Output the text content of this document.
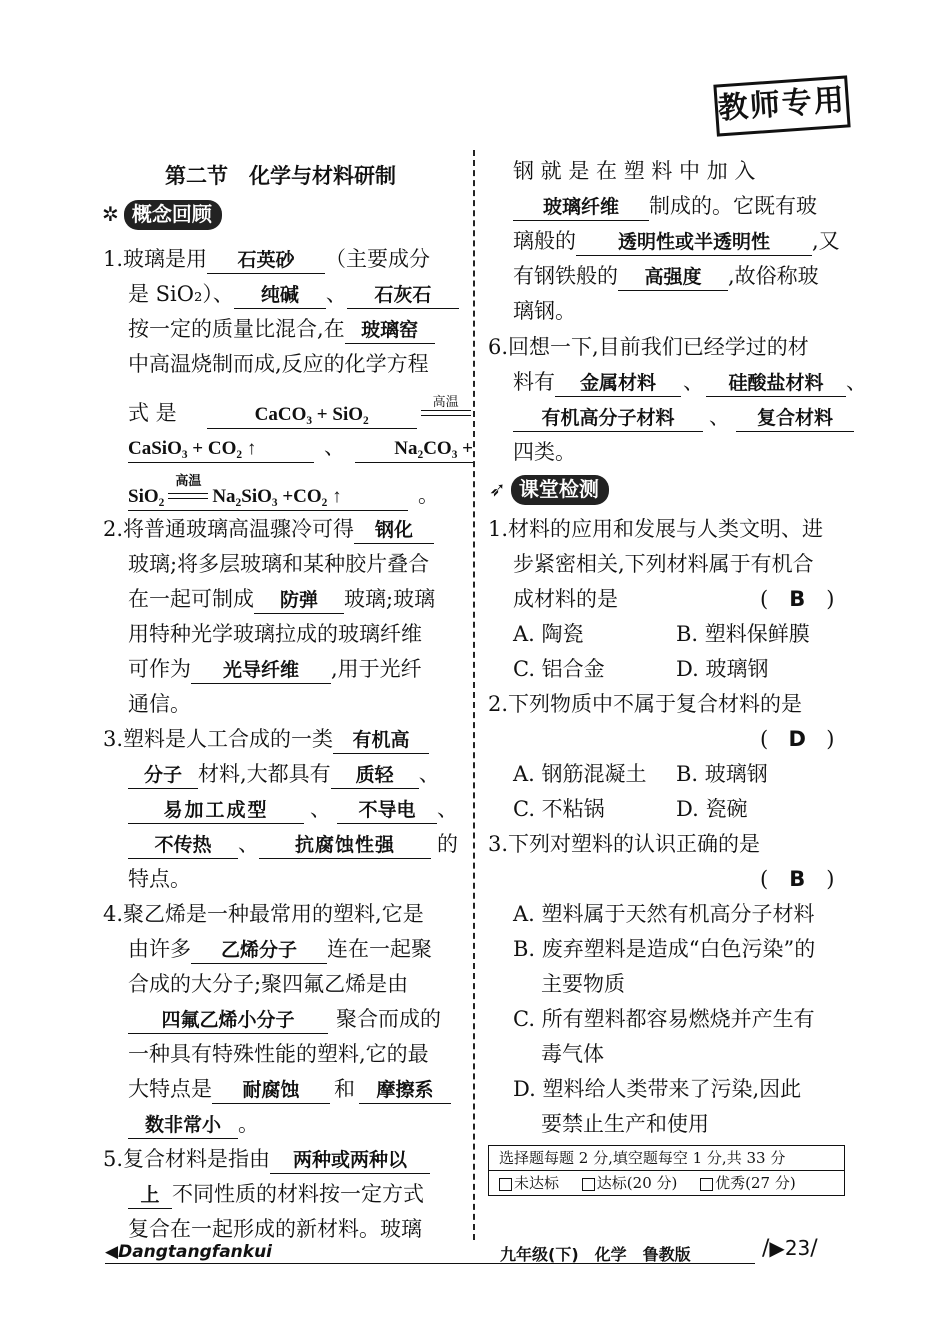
教师专用
第二节　化学与材料研制
✲ 概念回顾
1.玻璃是用 石英砂 （主要成分
是 SiO₂）、 纯碱 、 石灰石
按一定的质量比混合,在 玻璃窑
中高温烧制而成,反应的化学方程
式 是	CaCO₃ + SiO₂
高温
CaSiO₃ + CO₂ ↑	、	Na₂CO₃ +
SiO₂
高温
Na₂SiO₃ +CO₂ ↑	。
2.将普通玻璃高温骤冷可得 钢化
玻璃;将多层玻璃和某种胶片叠合
在一起可制成 防弹 玻璃;玻璃
用特种光学玻璃拉成的玻璃纤维
可作为 光导纤维 ,用于光纤
通信。
3.塑料是人工合成的一类 有机高
分子 材料,大都具有 质轻 、
易加工成型 、 不导电 、
不传热 、 抗腐蚀性强 的
特点。
4.聚乙烯是一种最常用的塑料,它是
由许多 乙烯分子 连在一起聚
合成的大分子;聚四氟乙烯是由
四氟乙烯小分子 聚合而成的
一种具有特殊性能的塑料,它的最
大特点是 耐腐蚀 和 摩擦系
数非常小 。
5.复合材料是指由 两种或两种以
上 不同性质的材料按一定方式
复合在一起形成的新材料。玻璃
钢 就 是 在 塑 料 中 加 入
玻璃纤维 制成的。它既有玻
璃般的 透明性或半透明性 ,又
有钢铁般的 高强度 ,故俗称玻
璃钢。
6.回想一下,目前我们已经学过的材
料有 金属材料 、 硅酸盐材料 、
有机高分子材料 、 复合材料
四类。
➶ 课堂检测
1.材料的应用和发展与人类文明、进
步紧密相关,下列材料属于有机合
成材料的是	( B )
A. 陶瓷	B. 塑料保鲜膜
C. 铝合金	D. 玻璃钢
2.下列物质中不属于复合材料的是
( D )
A. 钢筋混凝土 B. 玻璃钢
C. 不粘锅	D. 瓷碗
3.下列对塑料的认识正确的是
( B )
A. 塑料属于天然有机高分子材料
B. 废弃塑料是造成“白色污染”的
主要物质
C. 所有塑料都容易燃烧并产生有
毒气体
D. 塑料给人类带来了污染,因此
要禁止生产和使用
选择题每题 2 分,填空题每空 1 分,共 33 分
未达标	达标(20 分)	优秀(27 分)
◀Dangtangfankui	九年级(下)　化学　鲁教版	/▶23/
